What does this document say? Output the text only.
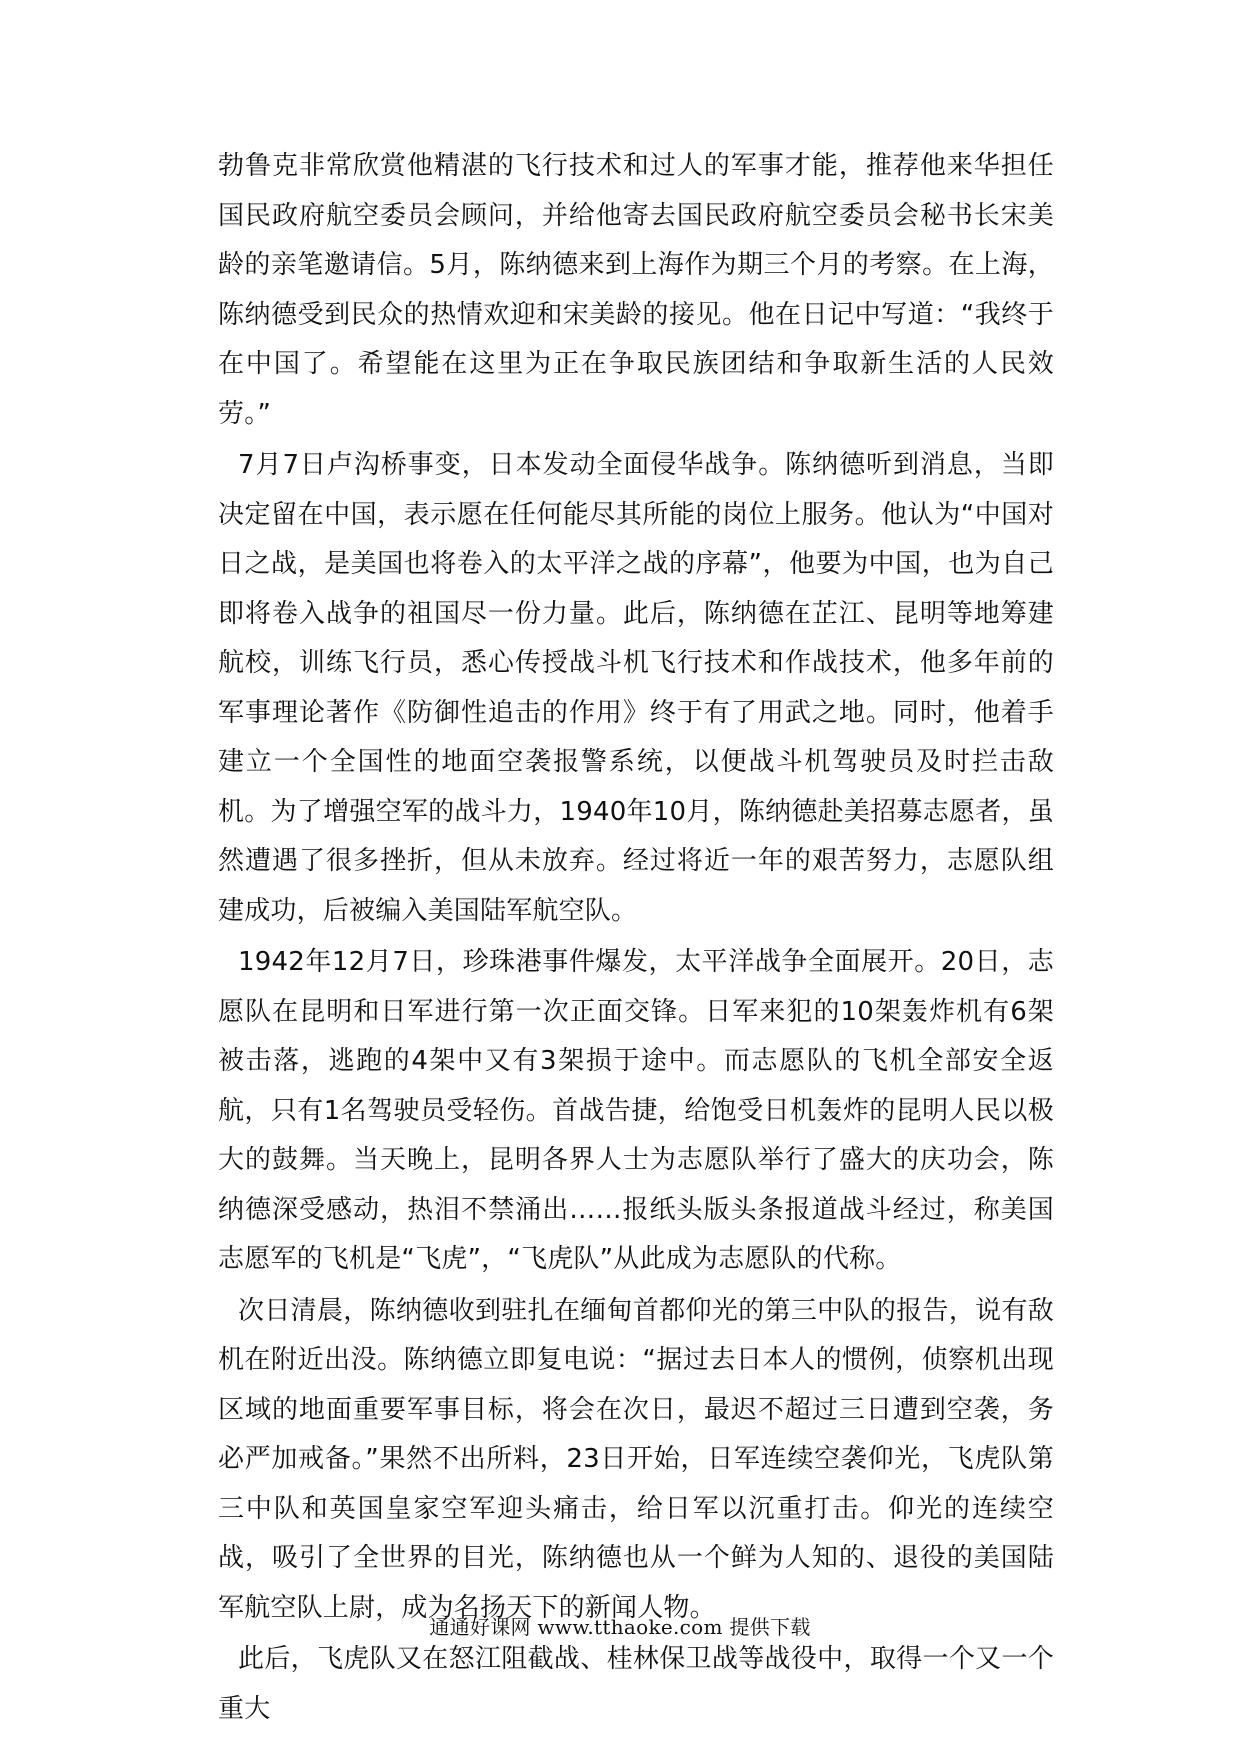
勃鲁克非常欣赏他精湛的飞行技术和过人的军事才能，推荐他来华担任国民政府航空委员会顾问，并给他寄去国民政府航空委员会秘书长宋美龄的亲笔邀请信。5月，陈纳德来到上海作为期三个月的考察。在上海，陈纳德受到民众的热情欢迎和宋美龄的接见。他在日记中写道：“我终于在中国了。希望能在这里为正在争取民族团结和争取新生活的人民效劳。”

7月7日卢沟桥事变，日本发动全面侵华战争。陈纳德听到消息，当即决定留在中国，表示愿在任何能尽其所能的岗位上服务。他认为“中国对日之战，是美国也将卷入的太平洋之战的序幕”，他要为中国，也为自己即将卷入战争的祖国尽一份力量。此后，陈纳德在芷江、昆明等地筹建航校，训练飞行员，悉心传授战斗机飞行技术和作战技术，他多年前的军事理论著作《防御性追击的作用》终于有了用武之地。同时，他着手建立一个全国性的地面空袭报警系统，以便战斗机驾驶员及时拦击敌机。为了增强空军的战斗力，1940年10月，陈纳德赴美招募志愿者，虽然遭遇了很多挫折，但从未放弃。经过将近一年的艰苦努力，志愿队组建成功，后被编入美国陆军航空队。

1942年12月7日，珍珠港事件爆发，太平洋战争全面展开。20日，志愿队在昆明和日军进行第一次正面交锋。日军来犯的10架轰炸机有6架被击落，逃跑的4架中又有3架损于途中。而志愿队的飞机全部安全返航，只有1名驾驶员受轻伤。首战告捷，给饱受日机轰炸的昆明人民以极大的鼓舞。当天晚上，昆明各界人士为志愿队举行了盛大的庆功会，陈纳德深受感动，热泪不禁涌出……报纸头版头条报道战斗经过，称美国志愿军的飞机是“飞虎”，“飞虎队”从此成为志愿队的代称。

次日清晨，陈纳德收到驻扎在缅甸首都仰光的第三中队的报告，说有敌机在附近出没。陈纳德立即复电说：“据过去日本人的惯例，侦察机出现区域的地面重要军事目标，将会在次日，最迟不超过三日遭到空袭，务必严加戒备。”果然不出所料，23日开始，日军连续空袭仰光，飞虎队第三中队和英国皇家空军迎头痛击，给日军以沉重打击。仰光的连续空战，吸引了全世界的目光，陈纳德也从一个鲜为人知的、退役的美国陆军航空队上尉，成为名扬天下的新闻人物。

此后，飞虎队又在怒江阻截战、桂林保卫战等战役中，取得一个又一个重大

通通好课网 www.tthaoke.com 提供下载
